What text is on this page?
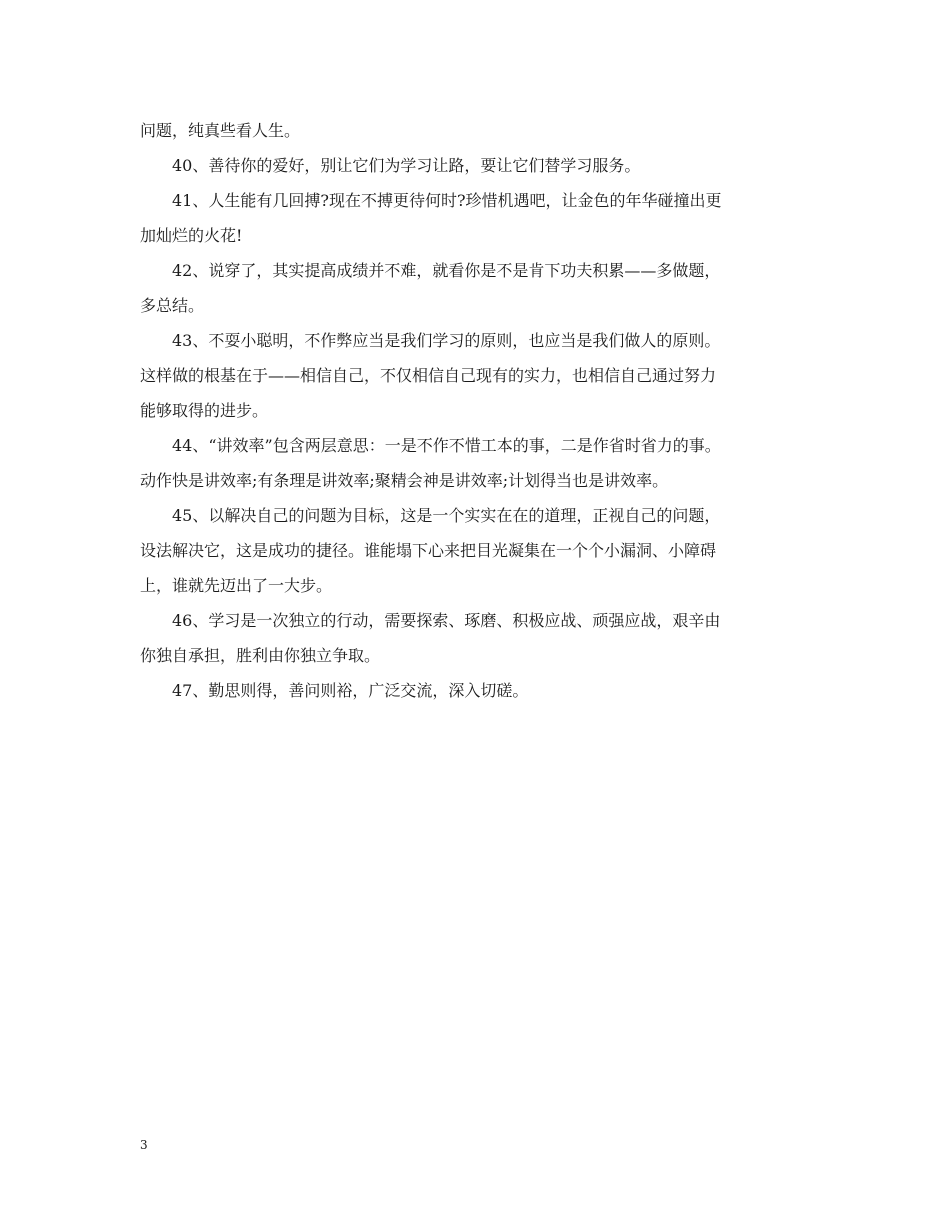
问题，纯真些看人生。
40、善待你的爱好，别让它们为学习让路，要让它们替学习服务。
41、人生能有几回搏?现在不搏更待何时?珍惜机遇吧，让金色的年华碰撞出更
加灿烂的火花!
42、说穿了，其实提高成绩并不难，就看你是不是肯下功夫积累——多做题，
多总结。
43、不耍小聪明，不作弊应当是我们学习的原则，也应当是我们做人的原则。
这样做的根基在于——相信自己，不仅相信自己现有的实力，也相信自己通过努力
能够取得的进步。
44、“讲效率”包含两层意思：一是不作不惜工本的事，二是作省时省力的事。
动作快是讲效率;有条理是讲效率;聚精会神是讲效率;计划得当也是讲效率。
45、以解决自己的问题为目标，这是一个实实在在的道理，正视自己的问题，
设法解决它，这是成功的捷径。谁能塌下心来把目光凝集在一个个小漏洞、小障碍
上，谁就先迈出了一大步。
46、学习是一次独立的行动，需要探索、琢磨、积极应战、顽强应战，艰辛由
你独自承担，胜利由你独立争取。
47、勤思则得，善问则裕，广泛交流，深入切磋。
3
